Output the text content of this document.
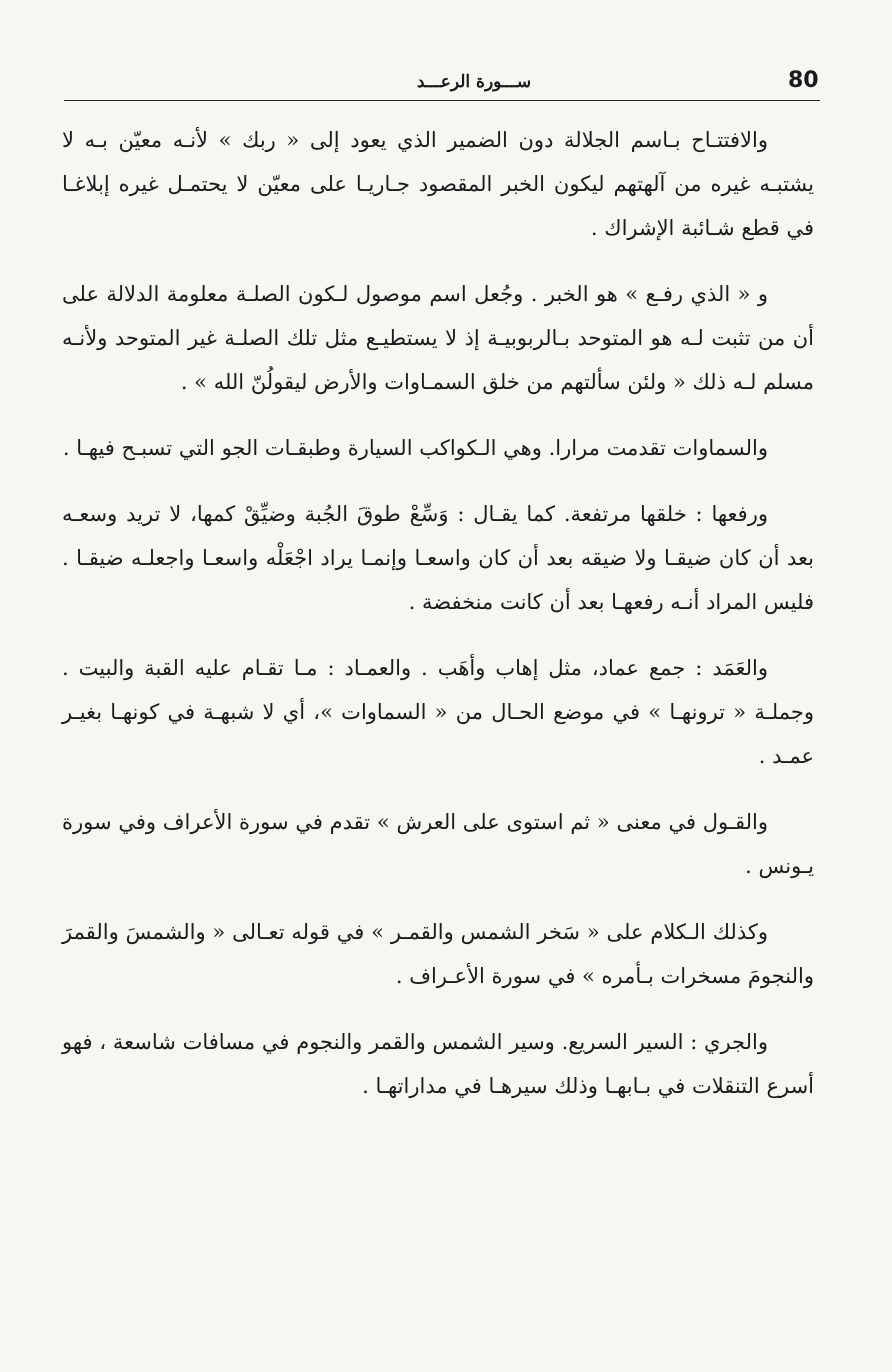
80
ســـورة الرعـــد

والافتتـاح بـاسم الجلالة دون الضمير الذي يعود إلى « ربك » لأنـه معيّن بـه لا يشتبـه غيره من آلهتهم ليكون الخبر المقصود جـاريـا على معيّن لا يحتمـل غيره إبلاغـا في قطع شـائبة الإشراك .

و « الذي رفـع » هو الخبر . وجُعل اسم موصول لـكون الصلـة معلومة الدلالة على أن من تثبت لـه هو المتوحد بـالربوبيـة إذ لا يستطيـع مثل تلك الصلـة غير المتوحد ولأنـه مسلم لـه ذلك « ولئن سألتهم من خلق السمـاوات والأرض ليقولُنّ الله » .

والسماوات تقدمت مرارا. وهي الـكواكب السيارة وطبقـات الجو التي تسبـح فيهـا .

ورفعها : خلقها مرتفعة. كما يقـال : وَسِّعْ طوقَ الجُبة وضيِّقْ كمها، لا تريد وسعـه بعد أن كان ضيقـا ولا ضيقه بعد أن كان واسعـا وإنمـا يراد اجْعَلْه واسعـا واجعلـه ضيقـا . فليس المراد أنـه رفعهـا بعد أن كانت منخفضة .

والعَمَد : جمع عماد، مثل إهاب وأهَب . والعمـاد : مـا تقـام عليه القبة والبيت . وجملـة « ترونهـا » في موضع الحـال من « السماوات »، أي لا شبهـة في كونهـا بغيـر عمـد .

والقـول في معنى « ثم استوى على العرش » تقدم في سورة الأعراف وفي سورة يـونس .

وكذلك الـكلام على « سَخر الشمس والقمـر » في قوله تعـالى « والشمسَ والقمرَ والنجومَ مسخرات بـأمره » في سورة الأعـراف .

والجري : السير السريع. وسير الشمس والقمر والنجوم في مسافات شاسعة ، فهو أسرع التنقلات في بـابهـا وذلك سيرهـا في مداراتهـا .
